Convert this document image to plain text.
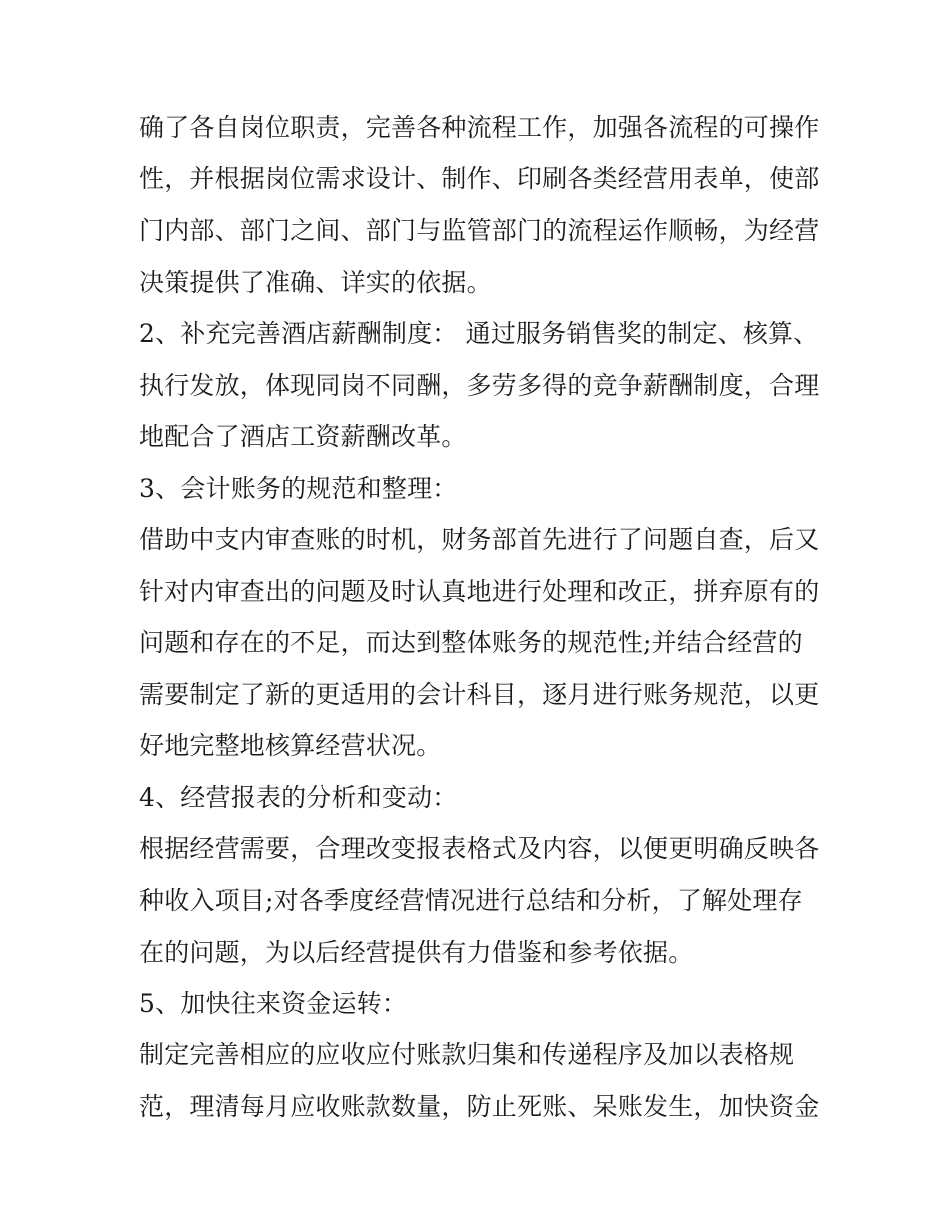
确了各自岗位职责，完善各种流程工作，加强各流程的可操作
性，并根据岗位需求设计、制作、印刷各类经营用表单，使部
门内部、部门之间、部门与监管部门的流程运作顺畅，为经营
决策提供了准确、详实的依据。
2、补充完善酒店薪酬制度： 通过服务销售奖的制定、核算、
执行发放，体现同岗不同酬，多劳多得的竞争薪酬制度，合理
地配合了酒店工资薪酬改革。
3、会计账务的规范和整理：
借助中支内审查账的时机，财务部首先进行了问题自查，后又
针对内审查出的问题及时认真地进行处理和改正，拼弃原有的
问题和存在的不足，而达到整体账务的规范性;并结合经营的
需要制定了新的更适用的会计科目，逐月进行账务规范，以更
好地完整地核算经营状况。
4、经营报表的分析和变动：
根据经营需要，合理改变报表格式及内容，以便更明确反映各
种收入项目;对各季度经营情况进行总结和分析，了解处理存
在的问题，为以后经营提供有力借鉴和参考依据。
5、加快往来资金运转：
制定完善相应的应收应付账款归集和传递程序及加以表格规
范，理清每月应收账款数量，防止死账、呆账发生，加快资金
